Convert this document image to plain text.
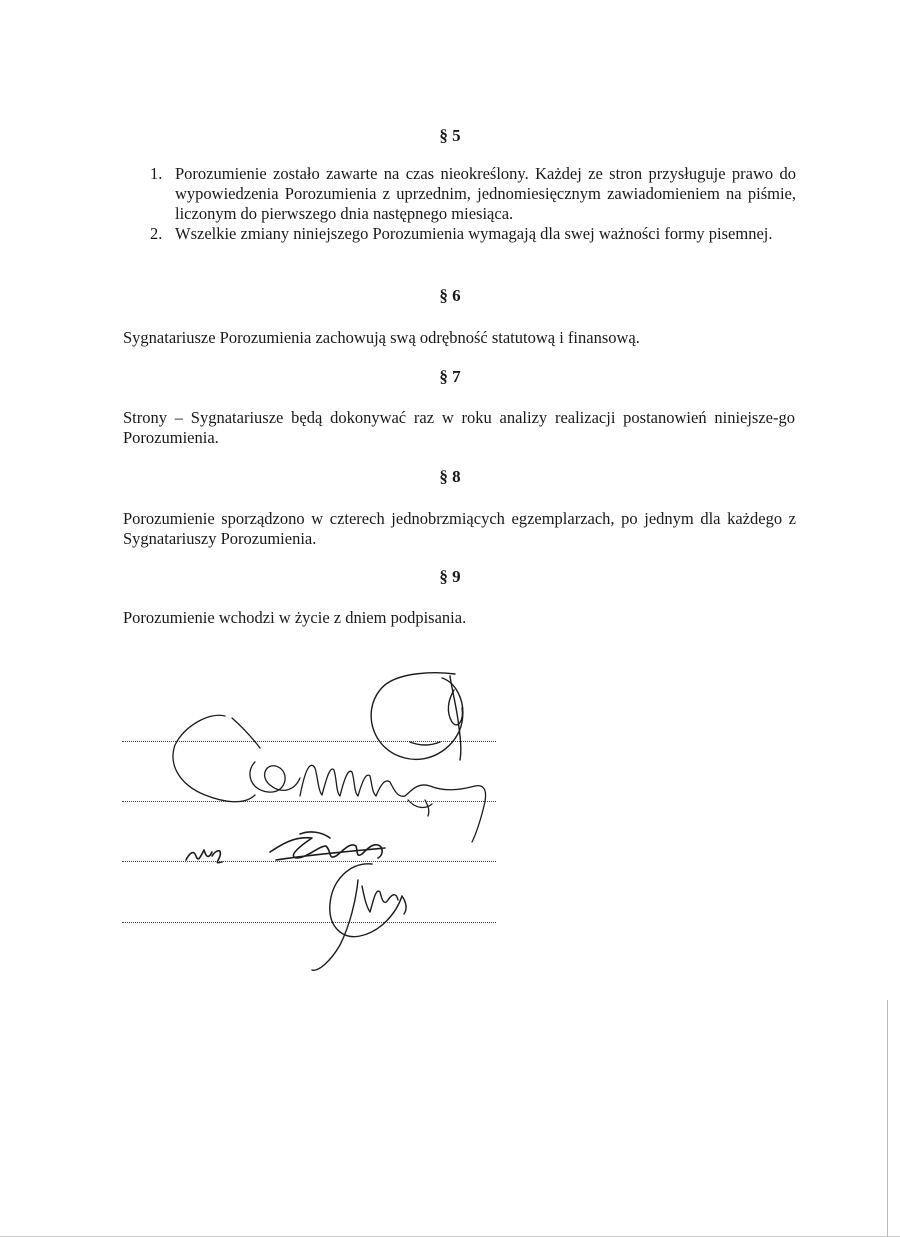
§ 5
1. Porozumienie zostało zawarte na czas nieokreślony. Każdej ze stron przysługuje prawo do wypowiedzenia Porozumienia z uprzednim, jednomiesięcznym zawiadomieniem na piśmie, liczonym do pierwszego dnia następnego miesiąca.
2. Wszelkie zmiany niniejszego Porozumienia wymagają dla swej ważności formy pisemnej.
§ 6
Sygnatariusze Porozumienia zachowują swą odrębność statutową i finansową.
§ 7
Strony – Sygnatariusze będą dokonywać raz w roku analizy realizacji postanowień niniejsze-go Porozumienia.
§ 8
Porozumienie sporządzono w czterech jednobrzmiących egzemplarzach, po jednym dla każdego z Sygnatariuszy Porozumienia.
§ 9
Porozumienie wchodzi w życie z dniem podpisania.
